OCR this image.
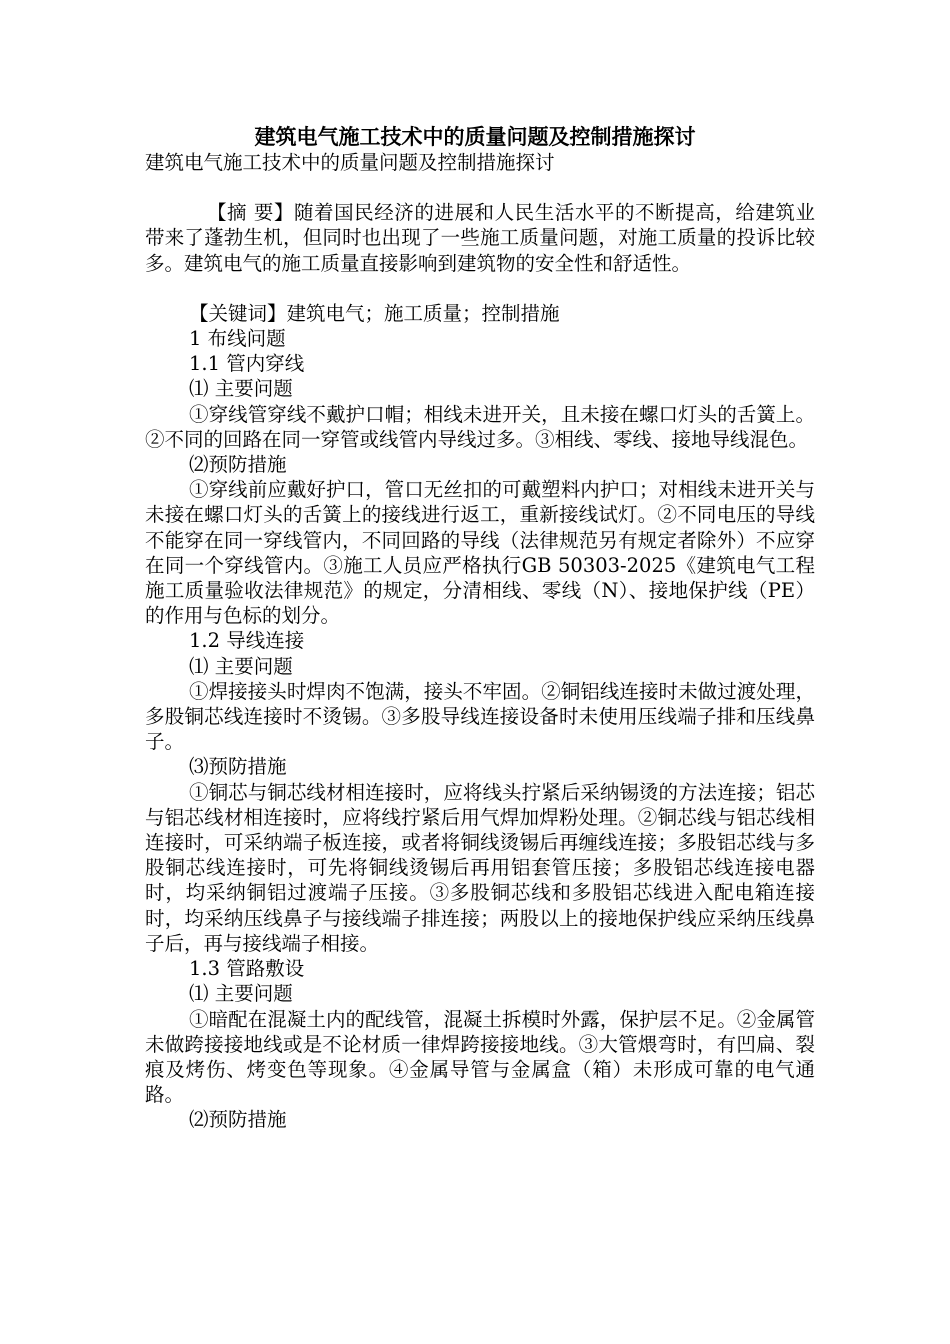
建筑电气施工技术中的质量问题及控制措施探讨

建筑电气施工技术中的质量问题及控制措施探讨

【摘 要】随着国民经济的进展和人民生活水平的不断提高，给建筑业带来了蓬勃生机，但同时也出现了一些施工质量问题，对施工质量的投诉比较多。建筑电气的施工质量直接影响到建筑物的安全性和舒适性。

【关键词】建筑电气；施工质量；控制措施

1 布线问题

1.1 管内穿线

⑴ 主要问题

①穿线管穿线不戴护口帽；相线未进开关，且未接在螺口灯头的舌簧上。②不同的回路在同一穿管或线管内导线过多。③相线、零线、接地导线混色。

⑵预防措施

①穿线前应戴好护口，管口无丝扣的可戴塑料内护口；对相线未进开关与未接在螺口灯头的舌簧上的接线进行返工，重新接线试灯。②不同电压的导线不能穿在同一穿线管内，不同回路的导线（法律规范另有规定者除外）不应穿在同一个穿线管内。③施工人员应严格执行GB 50303-2025《建筑电气工程施工质量验收法律规范》的规定，分清相线、零线（N）、接地保护线（PE）的作用与色标的划分。

1.2 导线连接

⑴ 主要问题

①焊接接头时焊肉不饱满，接头不牢固。②铜铝线连接时未做过渡处理，多股铜芯线连接时不烫锡。③多股导线连接设备时未使用压线端子排和压线鼻子。

⑶预防措施

①铜芯与铜芯线材相连接时，应将线头拧紧后采纳锡烫的方法连接；铝芯与铝芯线材相连接时，应将线拧紧后用气焊加焊粉处理。②铜芯线与铝芯线相连接时，可采纳端子板连接，或者将铜线烫锡后再缠线连接；多股铝芯线与多股铜芯线连接时，可先将铜线烫锡后再用铝套管压接；多股铝芯线连接电器时，均采纳铜铝过渡端子压接。③多股铜芯线和多股铝芯线进入配电箱连接时，均采纳压线鼻子与接线端子排连接；两股以上的接地保护线应采纳压线鼻子后，再与接线端子相接。

1.3 管路敷设

⑴ 主要问题

①暗配在混凝土内的配线管，混凝土拆模时外露，保护层不足。②金属管未做跨接接地线或是不论材质一律焊跨接接地线。③大管煨弯时，有凹扁、裂痕及烤伤、烤变色等现象。④金属导管与金属盒（箱）未形成可靠的电气通路。

⑵预防措施
